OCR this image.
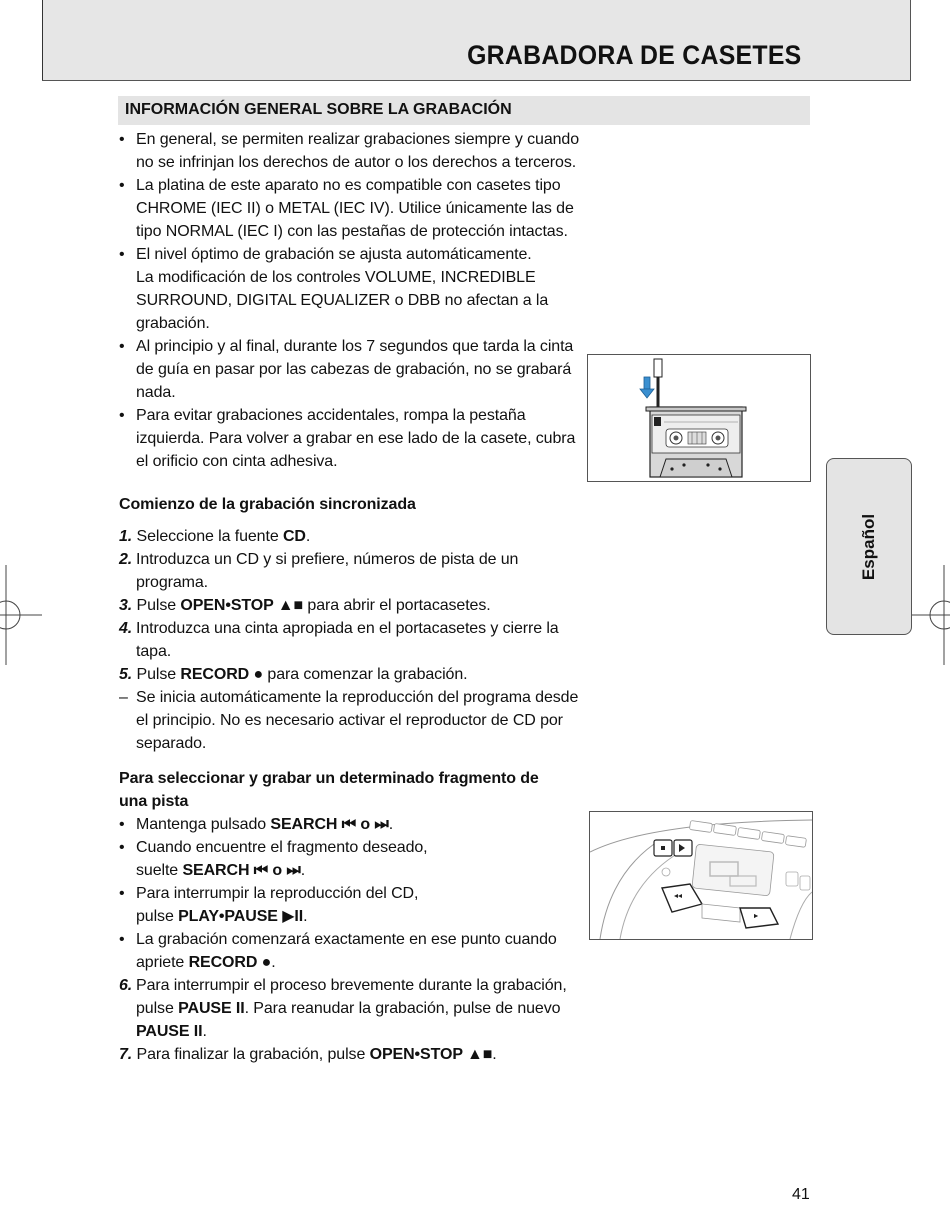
GRABADORA DE CASETES
INFORMACIÓN GENERAL SOBRE LA GRABACIÓN
• En general, se permiten realizar grabaciones siempre y cuando

no se infrinjan los derechos de autor o los derechos a terceros.

• La platina de este aparato no es compatible con casetes tipo

CHROME (IEC II) o METAL (IEC IV). Utilice únicamente las de

tipo NORMAL (IEC I) con las pestañas de protección intactas.

• El nivel óptimo de grabación se ajusta automáticamente.

La modificación de los controles VOLUME, INCREDIBLE

SURROUND, DIGITAL EQUALIZER o DBB no afectan a la

grabación.

• Al principio y al final, durante los 7 segundos que tarda la cinta

de guía en pasar por las cabezas de grabación, no se grabará

nada.

• Para evitar grabaciones accidentales, rompa la pestaña

izquierda. Para volver a grabar en ese lado de la casete, cubra

el orificio con cinta adhesiva.

Comienzo de la grabación sincronizada

1. Seleccione la fuente CD.

2. Introduzca un CD y si prefiere, números de pista de un

programa.

3. Pulse OPEN•STOP ▲■ para abrir el portacasetes.

4. Introduzca una cinta apropiada en el portacasetes y cierre la

tapa.

5. Pulse RECORD ● para comenzar la grabación.

– Se inicia automáticamente la reproducción del programa desde

el principio. No es necesario activar el reproductor de CD por

separado.

Para seleccionar y grabar un determinado fragmento de

una pista

• Mantenga pulsado SEARCH ⏮ o ⏭.

• Cuando encuentre el fragmento deseado,

suelte SEARCH ⏮ o ⏭.

• Para interrumpir la reproducción del CD,

pulse PLAY•PAUSE ▶II.

• La grabación comenzará exactamente en ese punto cuando

apriete RECORD ●.

6. Para interrumpir el proceso brevemente durante la grabación,

pulse PAUSE II. Para reanudar la grabación, pulse de nuevo

PAUSE II.

7. Para finalizar la grabación, pulse OPEN•STOP ▲■.

Español
41
